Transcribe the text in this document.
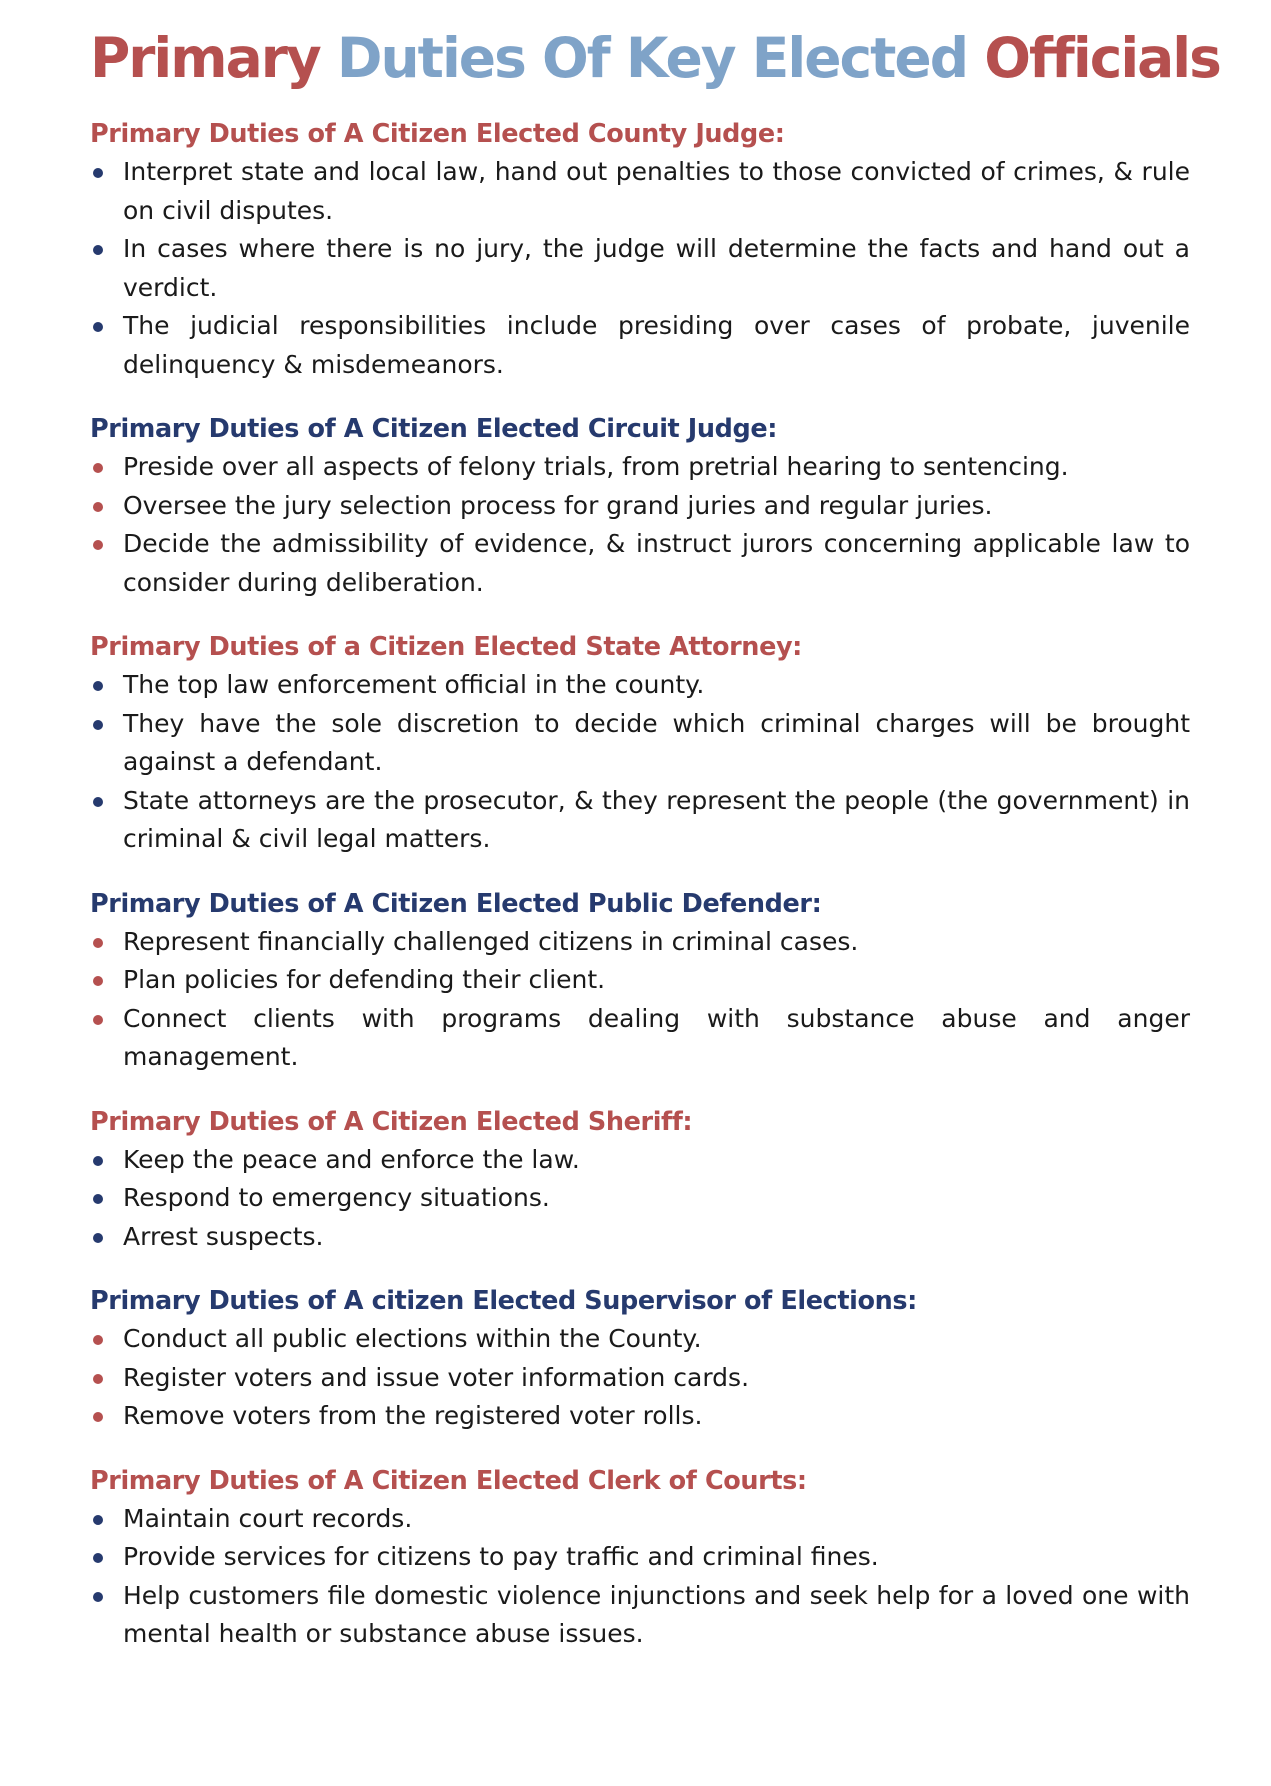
Primary Duties Of Key Elected Officials
Primary Duties of A Citizen Elected County Judge:
Interpret state and local law, hand out penalties to those convicted of crimes, & rule on civil disputes.
In cases where there is no jury, the judge will determine the facts and hand out a verdict.
The judicial responsibilities include presiding over cases of probate, juvenile delinquency & misdemeanors.
Primary Duties of A Citizen Elected Circuit Judge:
Preside over all aspects of felony trials, from pretrial hearing to sentencing.
Oversee the jury selection process for grand juries and regular juries.
Decide the admissibility of evidence, & instruct jurors concerning applicable law to consider during deliberation.
Primary Duties of a Citizen Elected State Attorney:
The top law enforcement official in the county.
They have the sole discretion to decide which criminal charges will be brought against a defendant.
State attorneys are the prosecutor, & they represent the people (the government) in criminal & civil legal matters.
Primary Duties of A Citizen Elected Public Defender:
Represent financially challenged citizens in criminal cases.
Plan policies for defending their client.
Connect clients with programs dealing with substance abuse and anger management.
Primary Duties of A Citizen Elected Sheriff:
Keep the peace and enforce the law.
Respond to emergency situations.
Arrest suspects.
Primary Duties of A citizen Elected Supervisor of Elections:
Conduct all public elections within the County.
Register voters and issue voter information cards.
Remove voters from the registered voter rolls.
Primary Duties of A Citizen Elected Clerk of Courts:
Maintain court records.
Provide services for citizens to pay traffic and criminal fines.
Help customers file domestic violence injunctions and seek help for a loved one with mental health or substance abuse issues.
